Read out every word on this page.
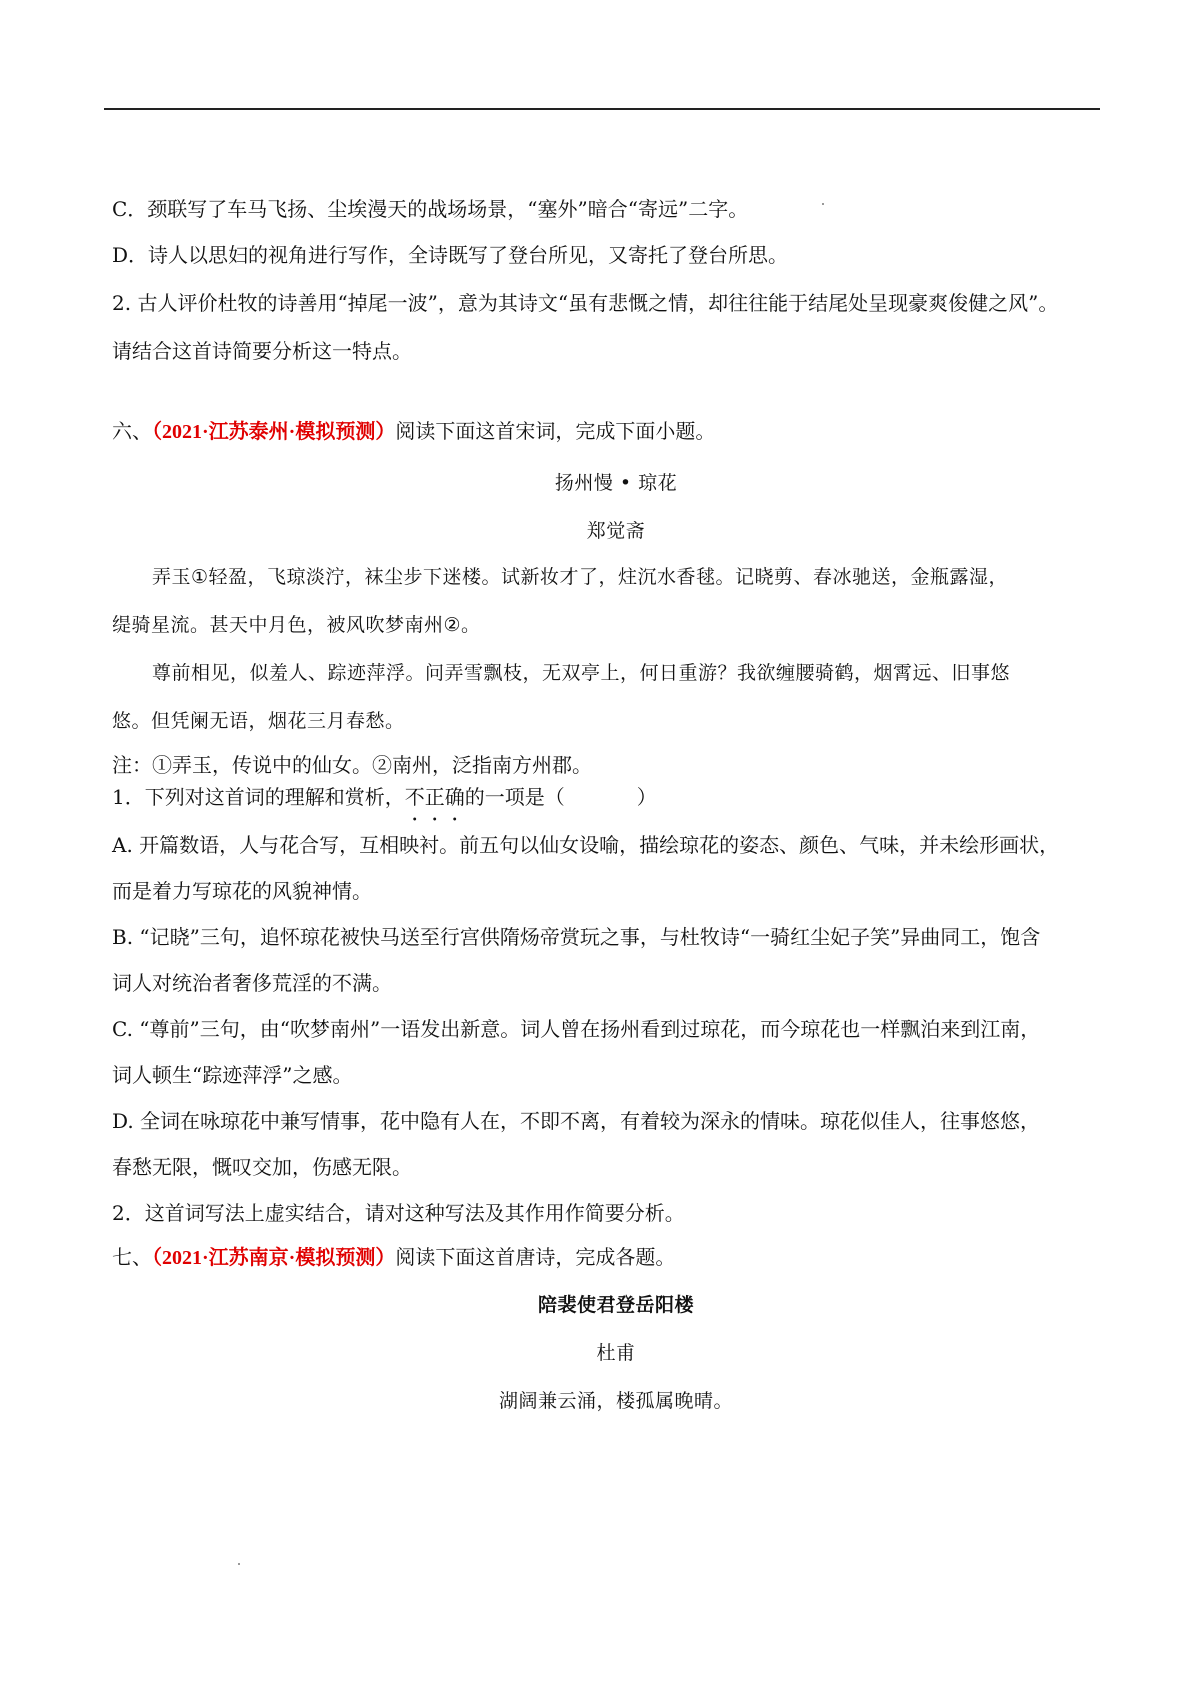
C．颈联写了车马飞扬、尘埃漫天的战场场景，“塞外”暗合“寄远”二字。
D．诗人以思妇的视角进行写作，全诗既写了登台所见，又寄托了登台所思。
2. 古人评价杜牧的诗善用“掉尾一波”，意为其诗文“虽有悲慨之情，却往往能于结尾处呈现豪爽俊健之风”。
请结合这首诗简要分析这一特点。
六、（2021·江苏泰州·模拟预测）阅读下面这首宋词，完成下面小题。
扬州慢 • 琼花
郑觉斋
弄玉①轻盈，飞琼淡泞，袜尘步下迷楼。试新妆才了，炷沉水香毬。记晓剪、春冰驰送，金瓶露湿，
缇骑星流。甚天中月色，被风吹梦南州②。
尊前相见，似羞人、踪迹萍浮。问弄雪飘枝，无双亭上，何日重游？我欲缠腰骑鹤，烟霄远、旧事悠
悠。但凭阑无语，烟花三月春愁。
注：①弄玉，传说中的仙女。②南州，泛指南方州郡。
1．下列对这首词的理解和赏析，不正确的一项是（	）
A. 开篇数语，人与花合写，互相映衬。前五句以仙女设喻，描绘琼花的姿态、颜色、气味，并未绘形画状，
而是着力写琼花的风貌神情。
B. “记晓”三句，追怀琼花被快马送至行宫供隋炀帝赏玩之事，与杜牧诗“一骑红尘妃子笑”异曲同工，饱含
词人对统治者奢侈荒淫的不满。
C. “尊前”三句，由“吹梦南州”一语发出新意。词人曾在扬州看到过琼花，而今琼花也一样飘泊来到江南，
词人顿生“踪迹萍浮”之感。
D. 全词在咏琼花中兼写情事，花中隐有人在，不即不离，有着较为深永的情味。琼花似佳人，往事悠悠，
春愁无限，慨叹交加，伤感无限。
2．这首词写法上虚实结合，请对这种写法及其作用作简要分析。
七、（2021·江苏南京·模拟预测）阅读下面这首唐诗，完成各题。
陪裴使君登岳阳楼
杜甫
湖阔兼云涌，楼孤属晚晴。
